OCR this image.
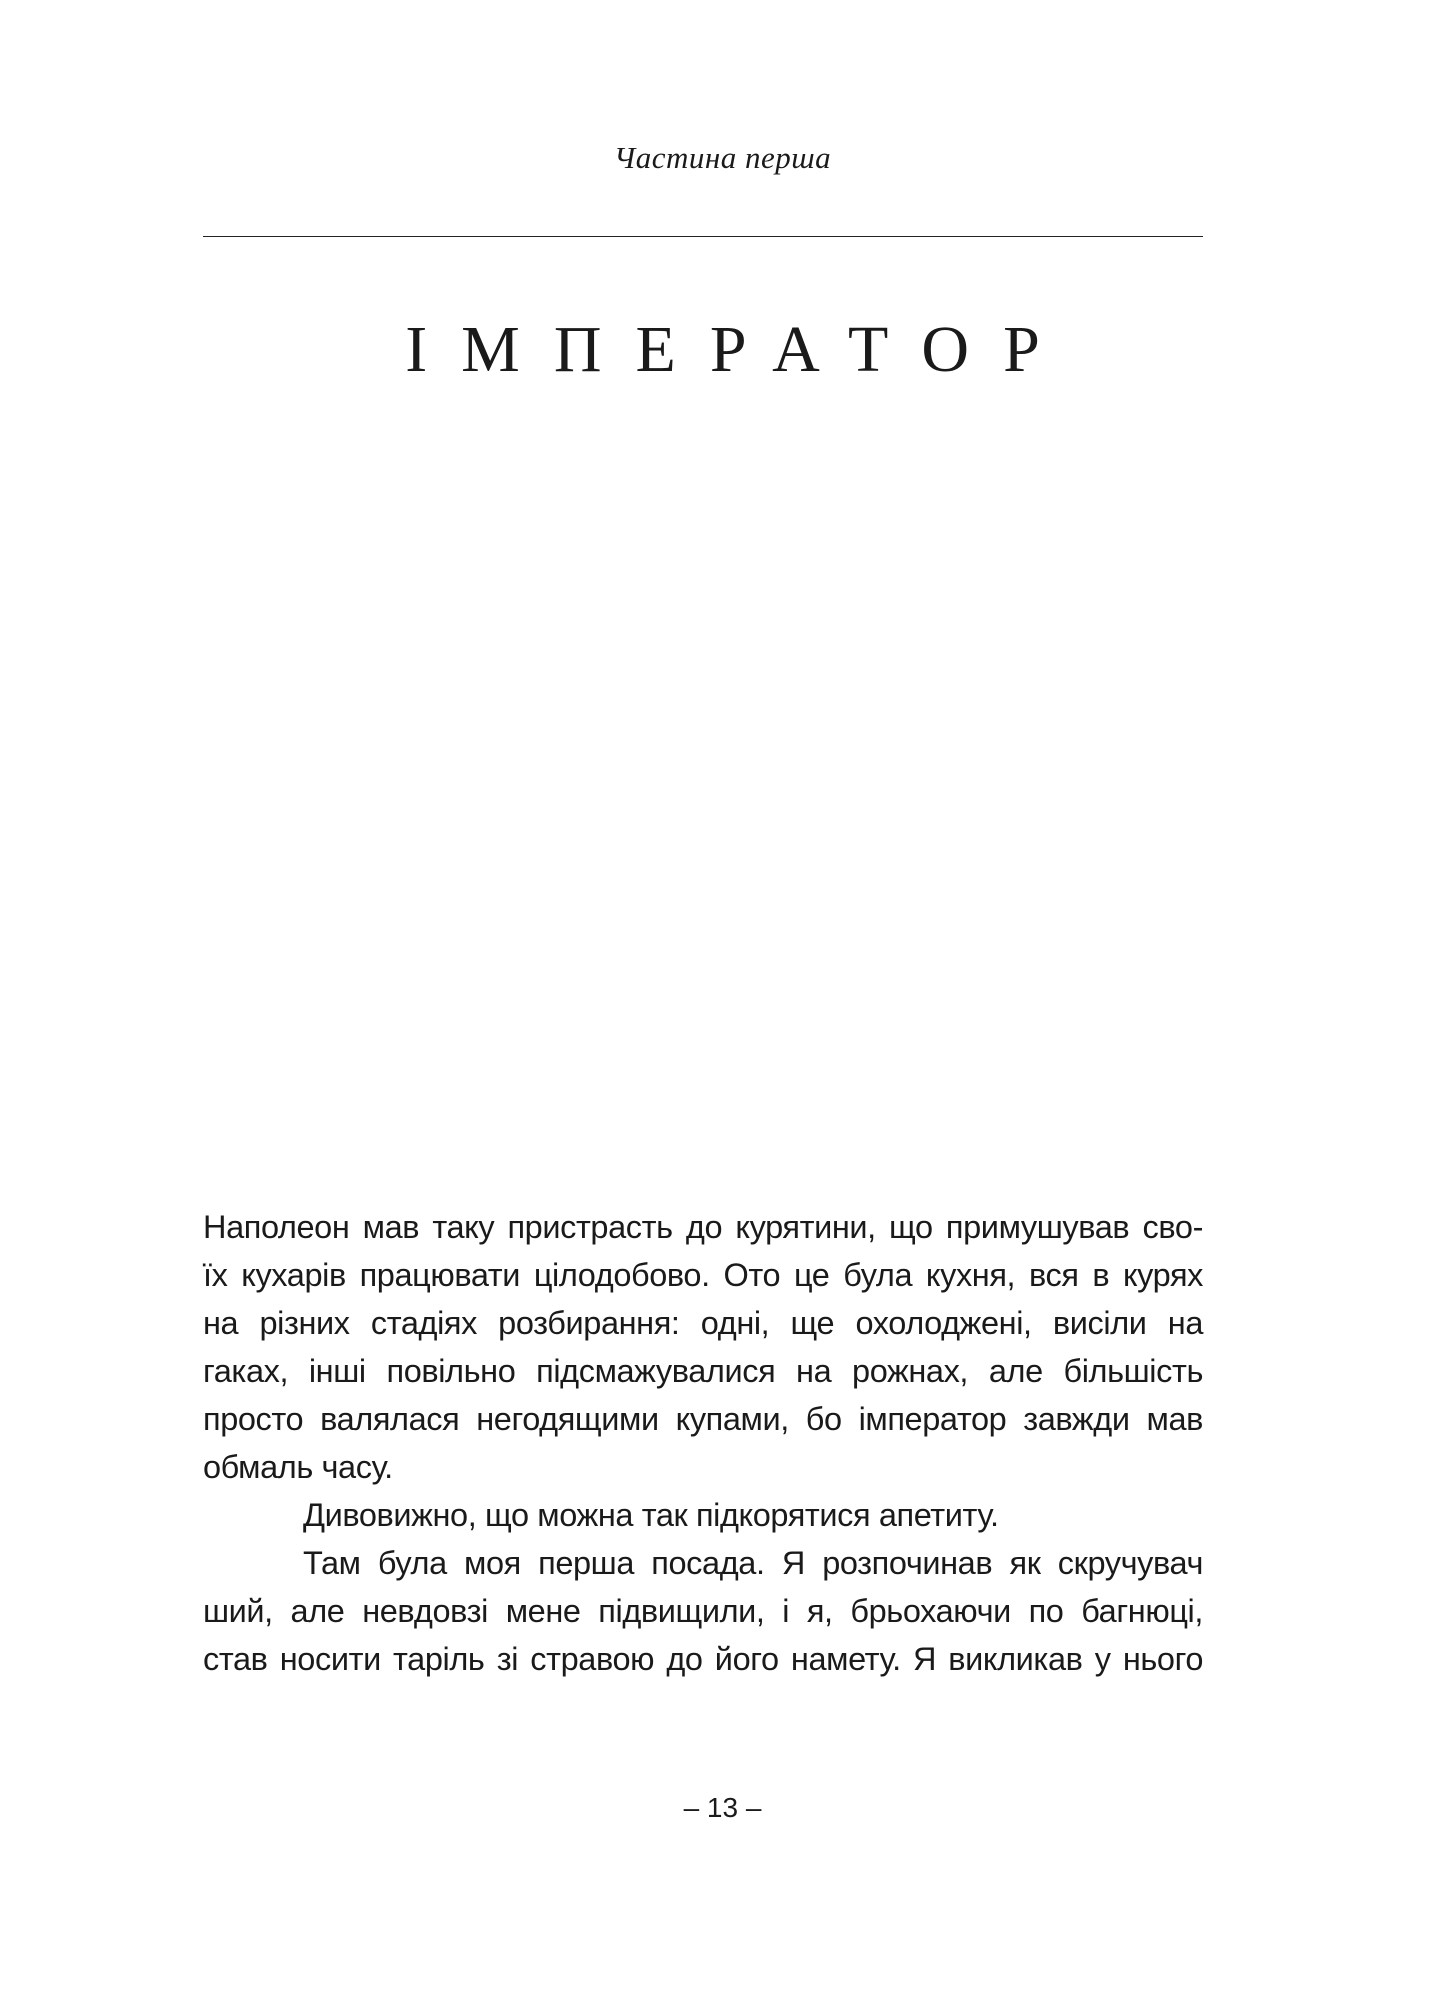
Частина перша
ІМПЕРАТОР
Наполеон мав таку пристрасть до курятини, що примушував сво-
їх кухарів працювати цілодобово. Ото це була кухня, вся в курях
на різних стадіях розбирання: одні, ще охолоджені, висіли на
гаках, інші повільно підсмажувалися на рожнах, але більшість
просто валялася негодящими купами, бо імператор завжди мав
обмаль часу.
Дивовижно, що можна так підкорятися апетиту.
Там була моя перша посада. Я розпочинав як скручувач
ший, але невдовзі мене підвищили, і я, брьохаючи по багнюці,
став носити таріль зі стравою до його намету. Я викликав у нього
– 13 –
